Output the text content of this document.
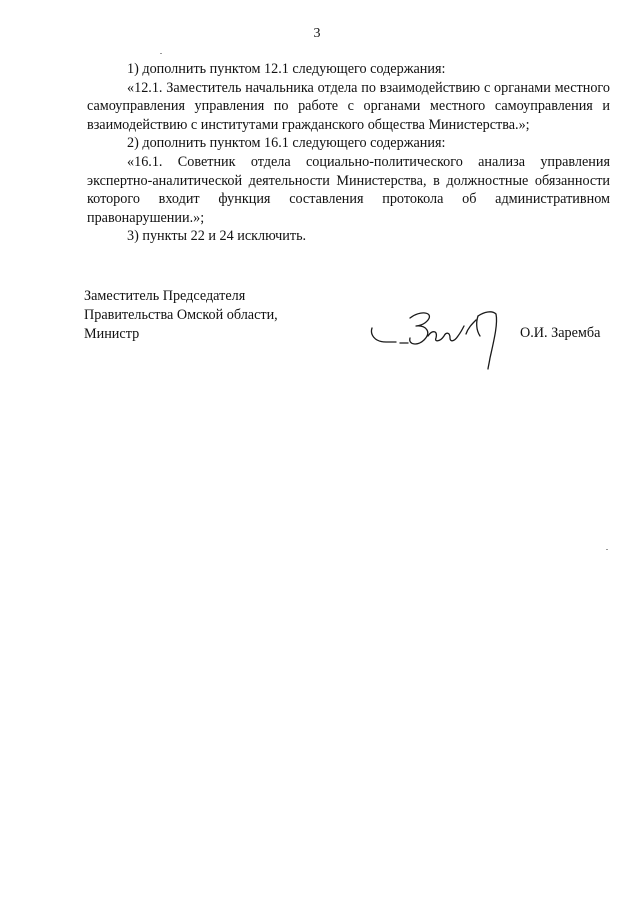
3

1) дополнить пунктом 12.1 следующего содержания:

«12.1. Заместитель начальника отдела по взаимодействию с органами местного самоуправления управления по работе с органами местного самоуправления и взаимодействию с институтами гражданского общества Министерства.»;

2) дополнить пунктом 16.1 следующего содержания:

«16.1. Советник отдела социально-политического анализа управления экспертно-аналитической деятельности Министерства, в должностные обязанности которого входит функция составления протокола об административном правонарушении.»;

3) пункты 22 и 24 исключить.

Заместитель Председателя
Правительства Омской области,
Министр	О.И. Заремба
